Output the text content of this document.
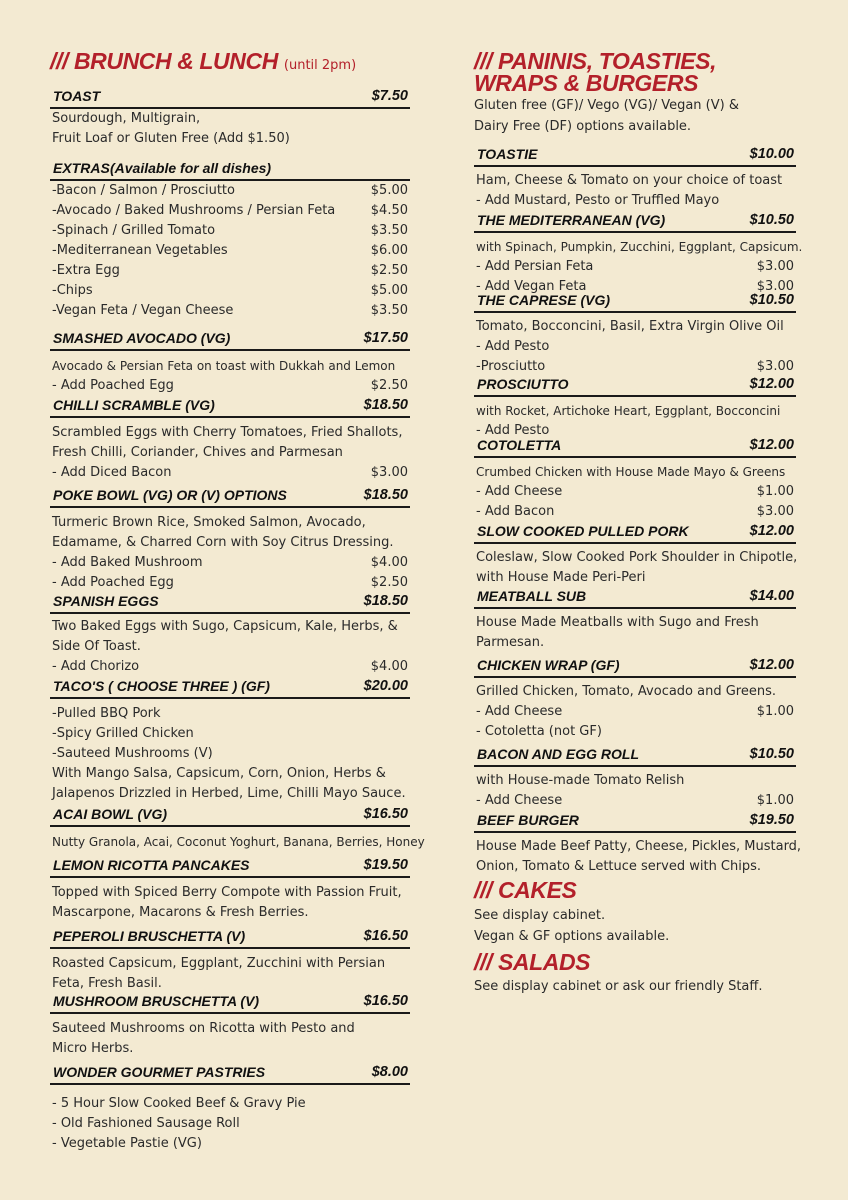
/// BRUNCH & LUNCH (until 2pm)
TOAST	$7.50
Sourdough, Multigrain,
Fruit Loaf or Gluten Free (Add $1.50)
EXTRAS (Available for all dishes)
-Bacon / Salmon / Prosciutto	$5.00
-Avocado / Baked Mushrooms / Persian Feta	$4.50
-Spinach / Grilled Tomato	$3.50
-Mediterranean Vegetables	$6.00
-Extra Egg	$2.50
-Chips	$5.00
-Vegan Feta / Vegan Cheese	$3.50
SMASHED AVOCADO (VG)	$17.50
Avocado & Persian Feta on toast with Dukkah and Lemon
- Add Poached Egg	$2.50
CHILLI SCRAMBLE (VG)	$18.50
Scrambled Eggs with Cherry Tomatoes, Fried Shallots,
Fresh Chilli, Coriander, Chives and Parmesan
- Add Diced Bacon	$3.00
POKE BOWL (VG) OR (V) OPTIONS	$18.50
Turmeric Brown Rice, Smoked Salmon, Avocado,
Edamame, & Charred Corn with Soy Citrus Dressing.
- Add Baked Mushroom	$4.00
- Add Poached Egg	$2.50
SPANISH EGGS	$18.50
Two Baked Eggs with Sugo, Capsicum, Kale, Herbs, &
Side Of Toast.
- Add Chorizo	$4.00
TACO'S ( CHOOSE THREE ) (GF)	$20.00
-Pulled BBQ Pork
-Spicy Grilled Chicken
-Sauteed Mushrooms (V)
With Mango Salsa, Capsicum, Corn, Onion, Herbs &
Jalapenos Drizzled in Herbed, Lime, Chilli Mayo Sauce.
ACAI BOWL (VG)	$16.50
Nutty Granola, Acai, Coconut Yoghurt, Banana, Berries, Honey
LEMON RICOTTA PANCAKES	$19.50
Topped with Spiced Berry Compote with Passion Fruit,
Mascarpone, Macarons & Fresh Berries.
PEPEROLI BRUSCHETTA (V)	$16.50
Roasted Capsicum, Eggplant, Zucchini with Persian
Feta, Fresh Basil.
MUSHROOM BRUSCHETTA (V)	$16.50
Sauteed Mushrooms on Ricotta with Pesto and
Micro Herbs.
WONDER GOURMET PASTRIES	$8.00
- 5 Hour Slow Cooked Beef & Gravy Pie
- Old Fashioned Sausage Roll
- Vegetable Pastie (VG)
/// PANINIS, TOASTIES,
WRAPS & BURGERS
Gluten free (GF)/ Vego (VG)/ Vegan (V) &
Dairy Free (DF) options available.
TOASTIE	$10.00
Ham, Cheese & Tomato on your choice of toast
- Add Mustard, Pesto or Truffled Mayo
THE MEDITERRANEAN (VG)	$10.50
with Spinach, Pumpkin, Zucchini, Eggplant, Capsicum.
- Add Persian Feta	$3.00
- Add Vegan Feta	$3.00
THE CAPRESE (VG)	$10.50
Tomato, Bocconcini, Basil, Extra Virgin Olive Oil
- Add Pesto
-Prosciutto	$3.00
PROSCIUTTO	$12.00
with Rocket, Artichoke Heart, Eggplant, Bocconcini
- Add Pesto
COTOLETTA	$12.00
Crumbed Chicken with House Made Mayo & Greens
- Add Cheese	$1.00
- Add Bacon	$3.00
SLOW COOKED PULLED PORK	$12.00
Coleslaw, Slow Cooked Pork Shoulder in Chipotle,
with House Made Peri-Peri
MEATBALL SUB	$14.00
House Made Meatballs with Sugo and Fresh
Parmesan.
CHICKEN WRAP (GF)	$12.00
Grilled Chicken, Tomato, Avocado and Greens.
- Add Cheese	$1.00
- Cotoletta (not GF)
BACON AND EGG ROLL	$10.50
with House-made Tomato Relish
- Add Cheese	$1.00
BEEF BURGER	$19.50
House Made Beef Patty, Cheese, Pickles, Mustard,
Onion, Tomato & Lettuce served with Chips.
/// CAKES
See display cabinet.
Vegan & GF options available.
/// SALADS
See display cabinet or ask our friendly Staff.
